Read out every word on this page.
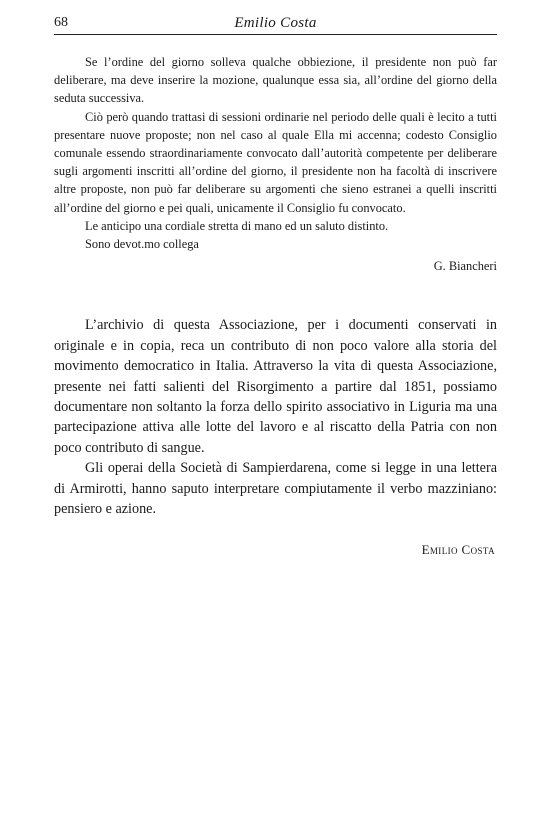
68	Emilio Costa

Se l’ordine del giorno solleva qualche obbiezione, il presidente non può far deliberare, ma deve inserire la mozione, qualunque essa sia, all’ordine del giorno della seduta successiva.

Ciò però quando trattasi di sessioni ordinarie nel periodo delle quali è lecito a tutti presentare nuove proposte; non nel caso al quale Ella mi accenna; codesto Consiglio comunale essendo straordinariamente convocato dall’autorità competente per deliberare sugli argomenti inscritti all’ordine del giorno, il presidente non ha facoltà di inscrivere altre proposte, non può far deliberare su argomenti che sieno estranei a quelli inscritti all’ordine del giorno e pei quali, unicamente il Consiglio fu convocato.

Le anticipo una cordiale stretta di mano ed un saluto distinto.

Sono devot.mo collega

G. Biancheri

L’archivio di questa Associazione, per i documenti conservati in originale e in copia, reca un contributo di non poco valore alla storia del movimento democratico in Italia. Attraverso la vita di questa Associazione, presente nei fatti salienti del Risorgimento a partire dal 1851, possiamo documentare non soltanto la forza dello spirito associativo in Liguria ma una partecipazione attiva alle lotte del lavoro e al riscatto della Patria con non poco contributo di sangue.

Gli operai della Società di Sampierdarena, come si legge in una lettera di Armirotti, hanno saputo interpretare compiutamente il verbo mazziniano: pensiero e azione.

Emilio Costa
